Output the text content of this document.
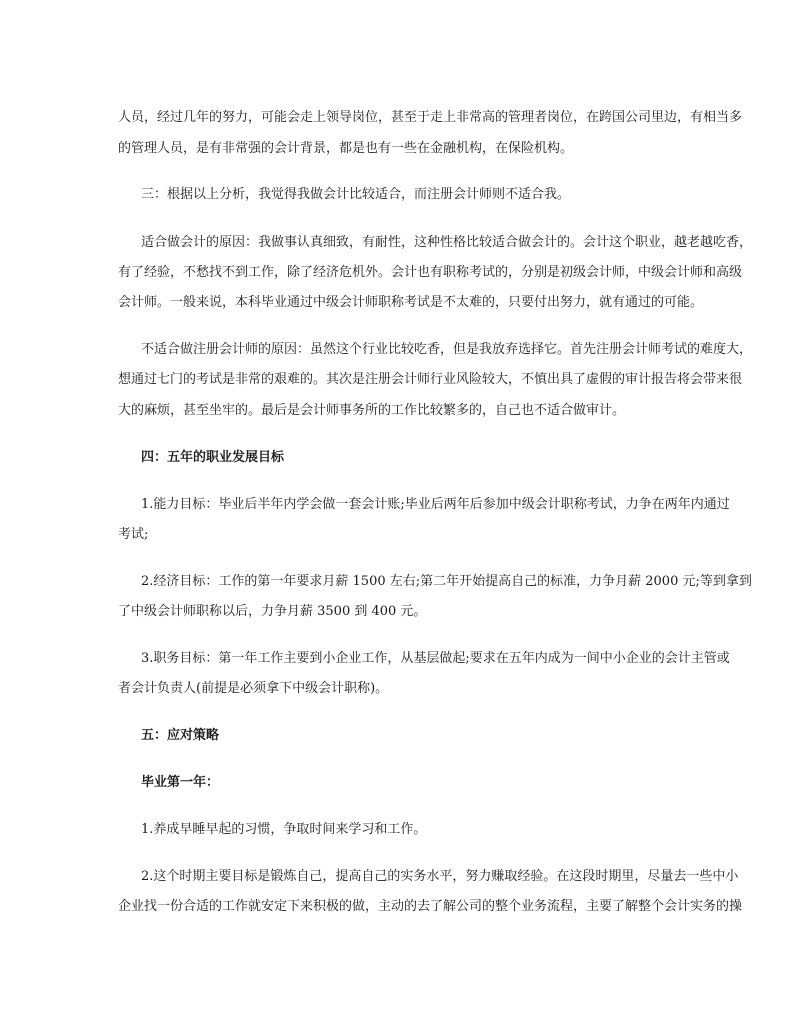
人员，经过几年的努力，可能会走上领导岗位，甚至于走上非常高的管理者岗位，在跨国公司里边，有相当多
的管理人员，是有非常强的会计背景，都是也有一些在金融机构，在保险机构。
三：根据以上分析，我觉得我做会计比较适合，而注册会计师则不适合我。
适合做会计的原因：我做事认真细致，有耐性，这种性格比较适合做会计的。会计这个职业，越老越吃香，
有了经验，不愁找不到工作，除了经济危机外。会计也有职称考试的，分别是初级会计师，中级会计师和高级
会计师。一般来说，本科毕业通过中级会计师职称考试是不太难的，只要付出努力，就有通过的可能。
不适合做注册会计师的原因：虽然这个行业比较吃香，但是我放弃选择它。首先注册会计师考试的难度大，
想通过七门的考试是非常的艰难的。其次是注册会计师行业风险较大，不慎出具了虚假的审计报告将会带来很
大的麻烦，甚至坐牢的。最后是会计师事务所的工作比较繁多的，自己也不适合做审计。
四：五年的职业发展目标
1.能力目标：毕业后半年内学会做一套会计账;毕业后两年后参加中级会计职称考试，力争在两年内通过
考试;
2.经济目标：工作的第一年要求月薪 1500 左右;第二年开始提高自己的标准，力争月薪 2000 元;等到拿到
了中级会计师职称以后，力争月薪 3500 到 400 元。
3.职务目标：第一年工作主要到小企业工作，从基层做起;要求在五年内成为一间中小企业的会计主管或
者会计负责人(前提是必须拿下中级会计职称)。
五：应对策略
毕业第一年：
1.养成早睡早起的习惯，争取时间来学习和工作。
2.这个时期主要目标是锻炼自己，提高自己的实务水平，努力赚取经验。在这段时期里，尽量去一些中小
企业找一份合适的工作就安定下来积极的做，主动的去了解公司的整个业务流程，主要了解整个会计实务的操
